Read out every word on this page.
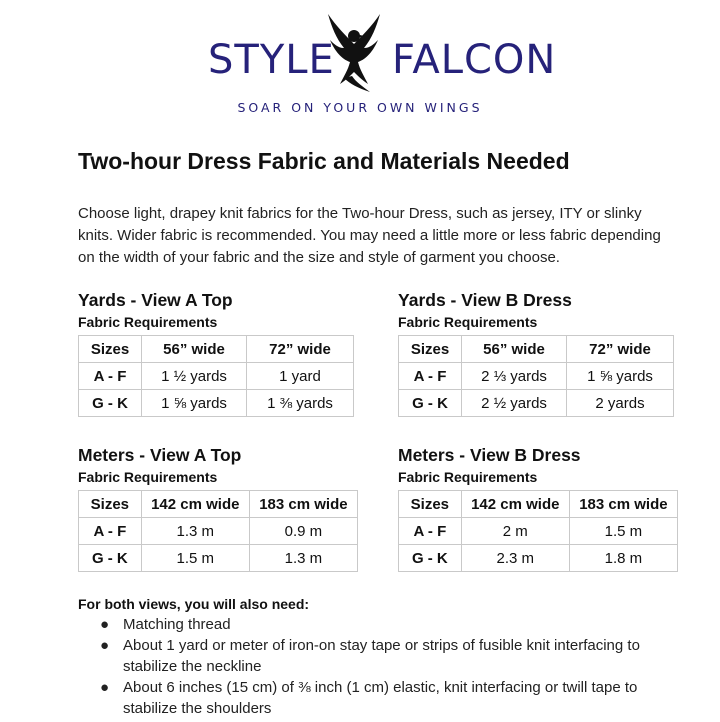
STYLE FALCON
SOAR ON YOUR OWN WINGS
Two-hour Dress Fabric and Materials Needed

Choose light, drapey knit fabrics for the Two-hour Dress, such as jersey, ITY or slinky knits. Wider fabric is recommended. You may need a little more or less fabric depending on the width of your fabric and the size and style of garment you choose.

Yards - View A Top
Fabric Requirements
Sizes	56” wide	72” wide
A - F	1 ½ yards	1 yard
G - K	1 ⅝ yards	1 ⅜ yards
Yards - View B Dress
Fabric Requirements
Sizes	56” wide	72” wide
A - F	2 ⅓ yards	1 ⅝ yards
G - K	2 ½ yards	2 yards
Meters - View A Top
Fabric Requirements
Sizes	142 cm wide	183 cm wide
A - F	1.3 m	0.9 m
G - K	1.5 m	1.3 m
Meters - View B Dress
Fabric Requirements
Sizes	142 cm wide	183 cm wide
A - F	2 m	1.5 m
G - K	2.3 m	1.8 m

For both views, you will also need:

● Matching thread
● About 1 yard or meter of iron-on stay tape or strips of fusible knit interfacing to stabilize the neckline
● About 6 inches (15 cm) of ⅜ inch (1 cm) elastic, knit interfacing or twill tape to stabilize the shoulders
